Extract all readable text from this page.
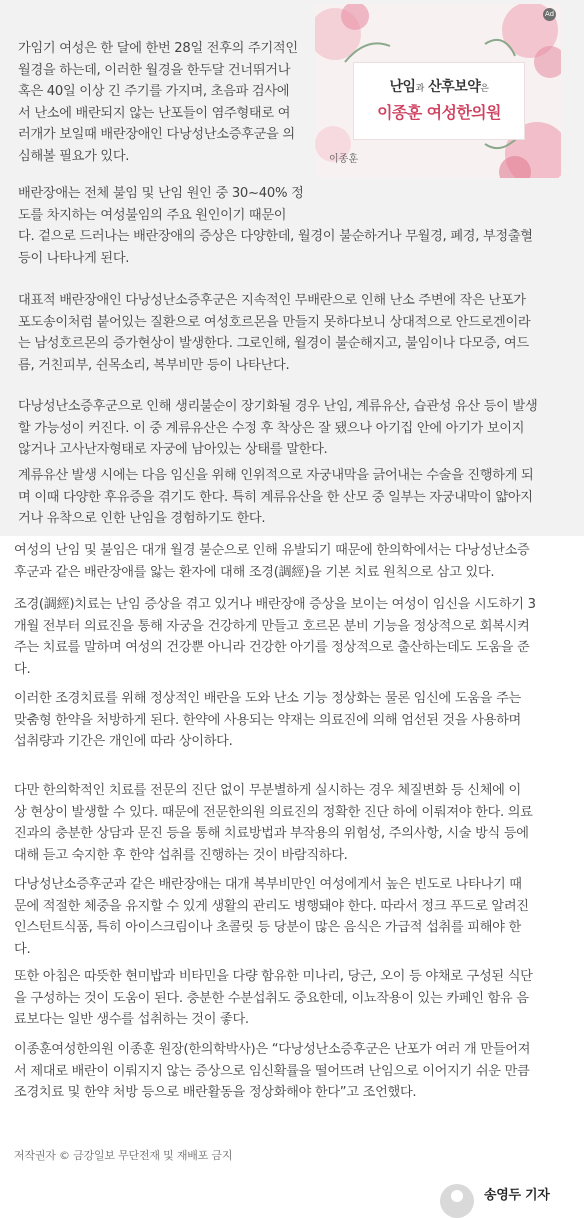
가임기 여성은 한 달에 한번 28일 전후의 주기적인
월경을 하는데, 이러한 월경을 한두달 건너뛰거나
혹은 40일 이상 긴 주기를 가지며, 초음파 검사에
서 난소에 배란되지 않는 난포들이 염주형태로 여
러개가 보일때 배란장애인 다낭성난소증후군을 의
심해볼 필요가 있다.

Ad
난임과 산후보약은
이종훈 여성한의원
이종훈

배란장애는 전체 불임 및 난임 원인 중 30~40% 정
도를 차지하는 여성불임의 주요 원인이기 때문이
다. 겉으로 드러나는 배란장애의 증상은 다양한데, 월경이 불순하거나 무월경, 폐경, 부정출혈
등이 나타나게 된다.

대표적 배란장애인 다낭성난소증후군은 지속적인 무배란으로 인해 난소 주변에 작은 난포가
포도송이처럼 붙어있는 질환으로 여성호르몬을 만들지 못하다보니 상대적으로 안드로겐이라
는 남성호르몬의 증가현상이 발생한다. 그로인해, 월경이 불순해지고, 불임이나 다모증, 여드
름, 거친피부, 쉰목소리, 복부비만 등이 나타난다.

다낭성난소증후군으로 인해 생리불순이 장기화될 경우 난임, 계류유산, 습관성 유산 등이 발생
할 가능성이 커진다. 이 중 계류유산은 수정 후 착상은 잘 됐으나 아기집 안에 아기가 보이지
않거나 고사난자형태로 자궁에 남아있는 상태를 말한다.

계류유산 발생 시에는 다음 임신을 위해 인위적으로 자궁내막을 긁어내는 수술을 진행하게 되
며 이때 다양한 후유증을 겪기도 한다. 특히 계류유산을 한 산모 중 일부는 자궁내막이 얇아지
거나 유착으로 인한 난임을 경험하기도 한다.

여성의 난임 및 불임은 대개 월경 불순으로 인해 유발되기 때문에 한의학에서는 다낭성난소증
후군과 같은 배란장애를 앓는 환자에 대해 조경(調經)을 기본 치료 원칙으로 삼고 있다.

조경(調經)치료는 난임 증상을 겪고 있거나 배란장애 증상을 보이는 여성이 임신을 시도하기 3
개월 전부터 의료진을 통해 자궁을 건강하게 만들고 호르몬 분비 기능을 정상적으로 회복시켜
주는 치료를 말하며 여성의 건강뿐 아니라 건강한 아기를 정상적으로 출산하는데도 도움을 준
다.

이러한 조경치료를 위해 정상적인 배란을 도와 난소 기능 정상화는 물론 임신에 도움을 주는
맞춤형 한약을 처방하게 된다. 한약에 사용되는 약재는 의료진에 의해 엄선된 것을 사용하며
섭취량과 기간은 개인에 따라 상이하다.

다만 한의학적인 치료를 전문의 진단 없이 무분별하게 실시하는 경우 체질변화 등 신체에 이
상 현상이 발생할 수 있다. 때문에 전문한의원 의료진의 정확한 진단 하에 이뤄져야 한다. 의료
진과의 충분한 상담과 문진 등을 통해 치료방법과 부작용의 위험성, 주의사항, 시술 방식 등에
대해 듣고 숙지한 후 한약 섭취를 진행하는 것이 바람직하다.

다낭성난소증후군과 같은 배란장애는 대개 복부비만인 여성에게서 높은 빈도로 나타나기 때
문에 적절한 체중을 유지할 수 있게 생활의 관리도 병행돼야 한다. 따라서 정크 푸드로 알려진
인스턴트식품, 특히 아이스크림이나 초콜릿 등 당분이 많은 음식은 가급적 섭취를 피해야 한
다.

또한 아침은 따뜻한 현미밥과 비타민을 다량 함유한 미나리, 당근, 오이 등 야채로 구성된 식단
을 구성하는 것이 도움이 된다. 충분한 수분섭취도 중요한데, 이뇨작용이 있는 카페인 함유 음
료보다는 일반 생수를 섭취하는 것이 좋다.

이종훈여성한의원 이종훈 원장(한의학박사)은 “다낭성난소증후군은 난포가 여러 개 만들어져
서 제대로 배란이 이뤄지지 않는 증상으로 임신확률을 떨어뜨려 난임으로 이어지기 쉬운 만큼
조경치료 및 한약 처방 등으로 배란활동을 정상화해야 한다”고 조언했다.

저작권자 © 금강일보 무단전재 및 재배포 금지

송영두 기자
